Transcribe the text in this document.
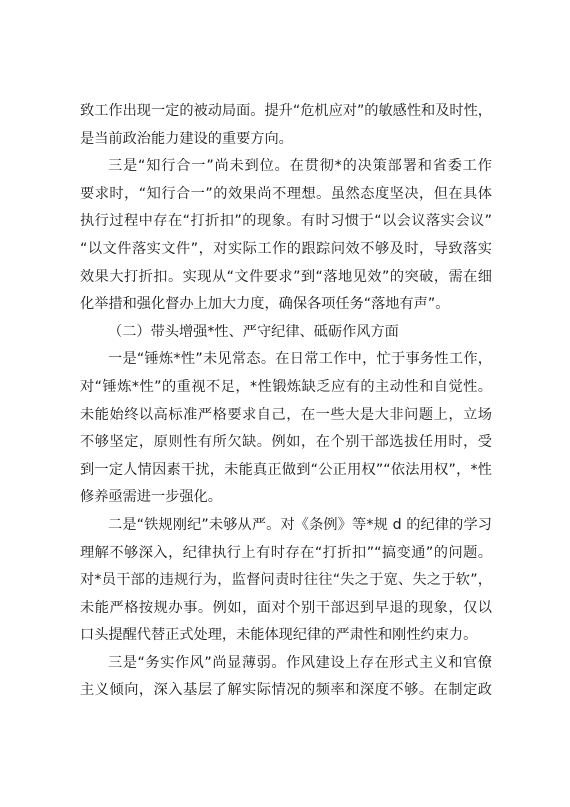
致工作出现一定的被动局面。提升“危机应对”的敏感性和及时性，
是当前政治能力建设的重要方向。
三是“知行合一”尚未到位。在贯彻*的决策部署和省委工作
要求时，“知行合一”的效果尚不理想。虽然态度坚决，但在具体
执行过程中存在“打折扣”的现象。有时习惯于“以会议落实会议”
“以文件落实文件”，对实际工作的跟踪问效不够及时，导致落实
效果大打折扣。实现从“文件要求”到“落地见效”的突破，需在细
化举措和强化督办上加大力度，确保各项任务“落地有声”。
（二）带头增强*性、严守纪律、砥砺作风方面
一是“锤炼*性”未见常态。在日常工作中，忙于事务性工作，
对“锤炼*性”的重视不足，*性锻炼缺乏应有的主动性和自觉性。
未能始终以高标准严格要求自己，在一些大是大非问题上，立场
不够坚定，原则性有所欠缺。例如，在个别干部选拔任用时，受
到一定人情因素干扰，未能真正做到“公正用权”“依法用权”，*性
修养亟需进一步强化。
二是“铁规刚纪”未够从严。对《条例》等*规 d 的纪律的学习
理解不够深入，纪律执行上有时存在“打折扣”“搞变通”的问题。
对*员干部的违规行为，监督问责时往往“失之于宽、失之于软”，
未能严格按规办事。例如，面对个别干部迟到早退的现象，仅以
口头提醒代替正式处理，未能体现纪律的严肃性和刚性约束力。
三是“务实作风”尚显薄弱。作风建设上存在形式主义和官僚
主义倾向，深入基层了解实际情况的频率和深度不够。在制定政
